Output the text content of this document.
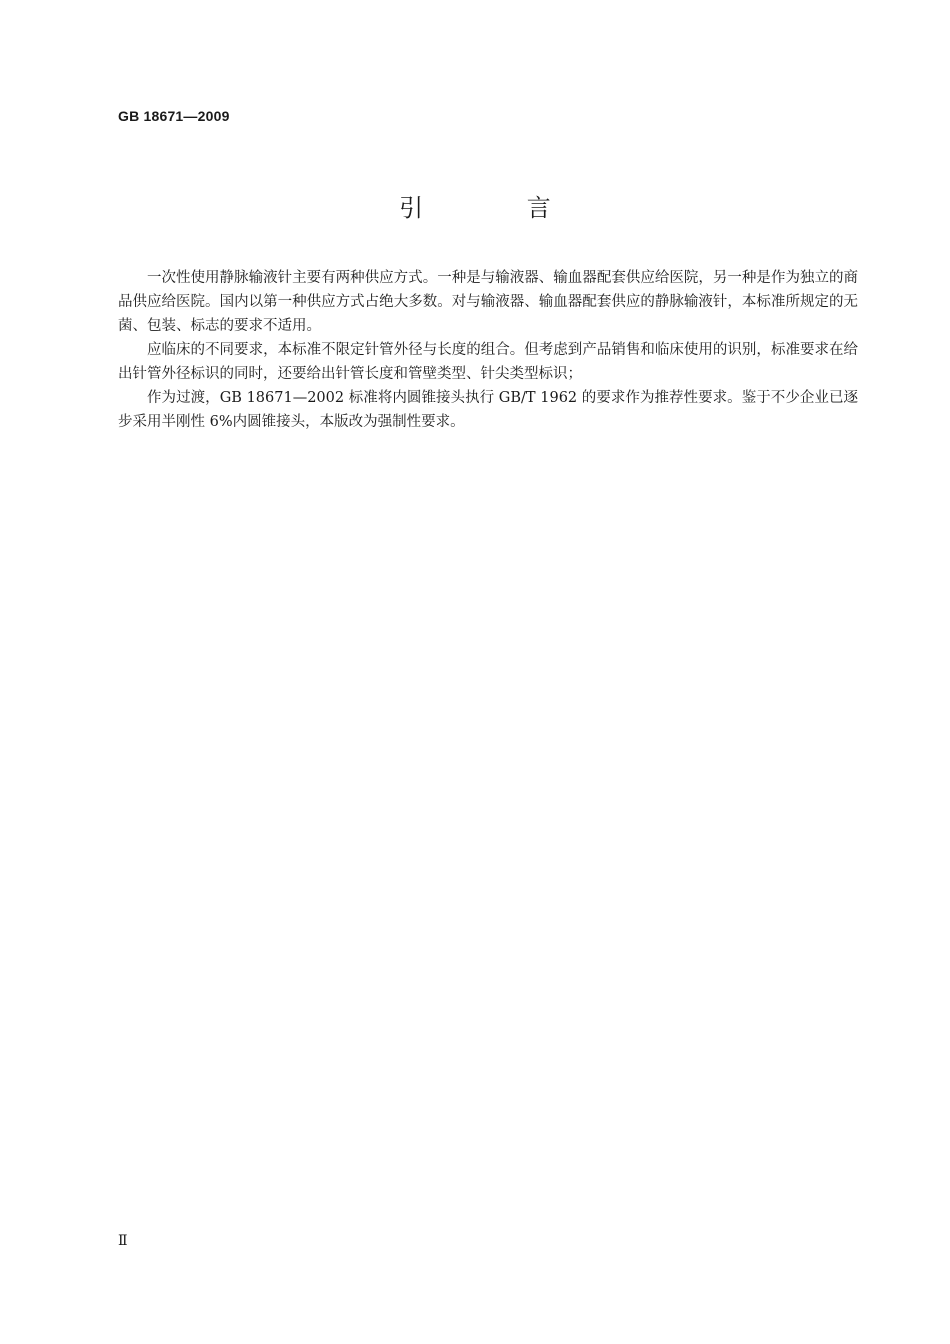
GB 18671—2009
引 言

一次性使用静脉输液针主要有两种供应方式。一种是与输液器、输血器配套供应给医院，另一种是作为独立的商品供应给医院。国内以第一种供应方式占绝大多数。对与输液器、输血器配套供应的静脉输液针，本标准所规定的无菌、包装、标志的要求不适用。

应临床的不同要求，本标准不限定针管外径与长度的组合。但考虑到产品销售和临床使用的识别，标准要求在给出针管外径标识的同时，还要给出针管长度和管壁类型、针尖类型标识；

作为过渡，GB 18671—2002 标准将内圆锥接头执行 GB/T 1962 的要求作为推荐性要求。鉴于不少企业已逐步采用半刚性 6%内圆锥接头，本版改为强制性要求。

Ⅱ
